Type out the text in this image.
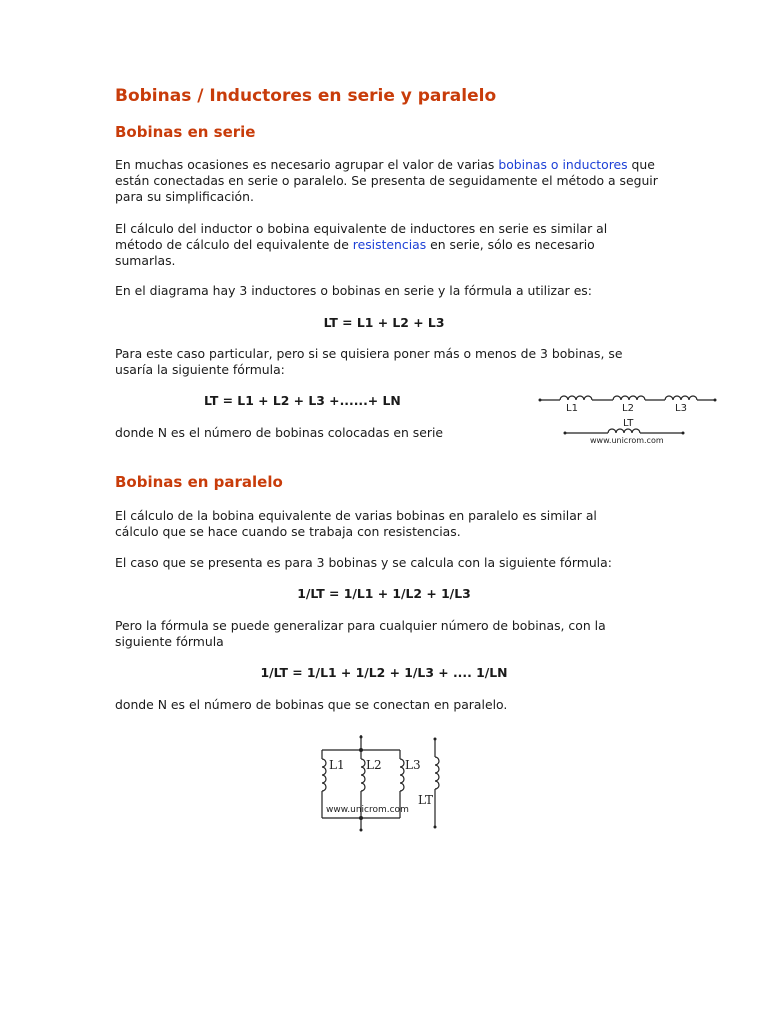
Bobinas / Inductores en serie y paralelo
Bobinas en serie
En muchas ocasiones es necesario agrupar el valor de varias bobinas o inductores que están conectadas en serie o paralelo. Se presenta de seguidamente el método a seguir para su simplificación.
El cálculo del inductor o bobina equivalente de inductores en serie es similar al método de cálculo del equivalente de resistencias en serie, sólo es necesario sumarlas.
En el diagrama hay 3 inductores o bobinas en serie y la fórmula a utilizar es:
LT = L1 + L2 + L3
Para este caso particular, pero si se quisiera poner más o menos de 3 bobinas, se usaría la siguiente fórmula:
LT = L1 + L2 + L3 +......+ LN
donde N es el número de bobinas colocadas en serie
L1	L2	L3
LT
www.unicrom.com
Bobinas en paralelo
El cálculo de la bobina equivalente de varias bobinas en paralelo es similar al cálculo que se hace cuando se trabaja con resistencias.
El caso que se presenta es para 3 bobinas y se calcula con la siguiente fórmula:
1/LT = 1/L1 + 1/L2 + 1/L3
Pero la fórmula se puede generalizar para cualquier número de bobinas, con la siguiente fórmula
1/LT = 1/L1 + 1/L2 + 1/L3 + .... 1/LN
donde N es el número de bobinas que se conectan en paralelo.
L1 L2 L3
LT
www.unicrom.com
